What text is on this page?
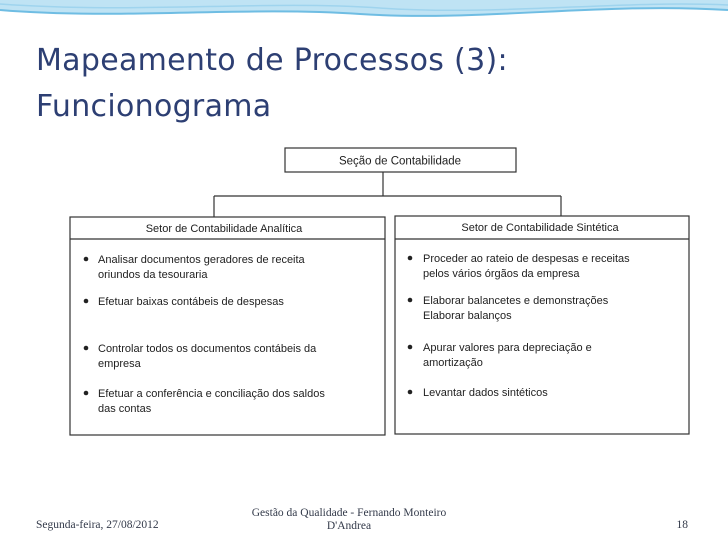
Mapeamento de Processos (3):
Funcionograma
Seção de Contabilidade
Setor de Contabilidade Analítica
Analisar documentos geradores de receita
oriundos da tesouraria
Efetuar baixas contábeis de despesas
Controlar todos os documentos contábeis da
empresa
Efetuar a conferência e conciliação dos saldos
das contas
Setor de Contabilidade Sintética
Proceder ao rateio de despesas e receitas
pelos vários órgãos da empresa
Elaborar balancetes e demonstrações
Elaborar balanços
Apurar valores para depreciação e
amortização
Levantar dados sintéticos
Segunda-feira, 27/08/2012
Gestão da Qualidade - Fernando Monteiro
D'Andrea	18
